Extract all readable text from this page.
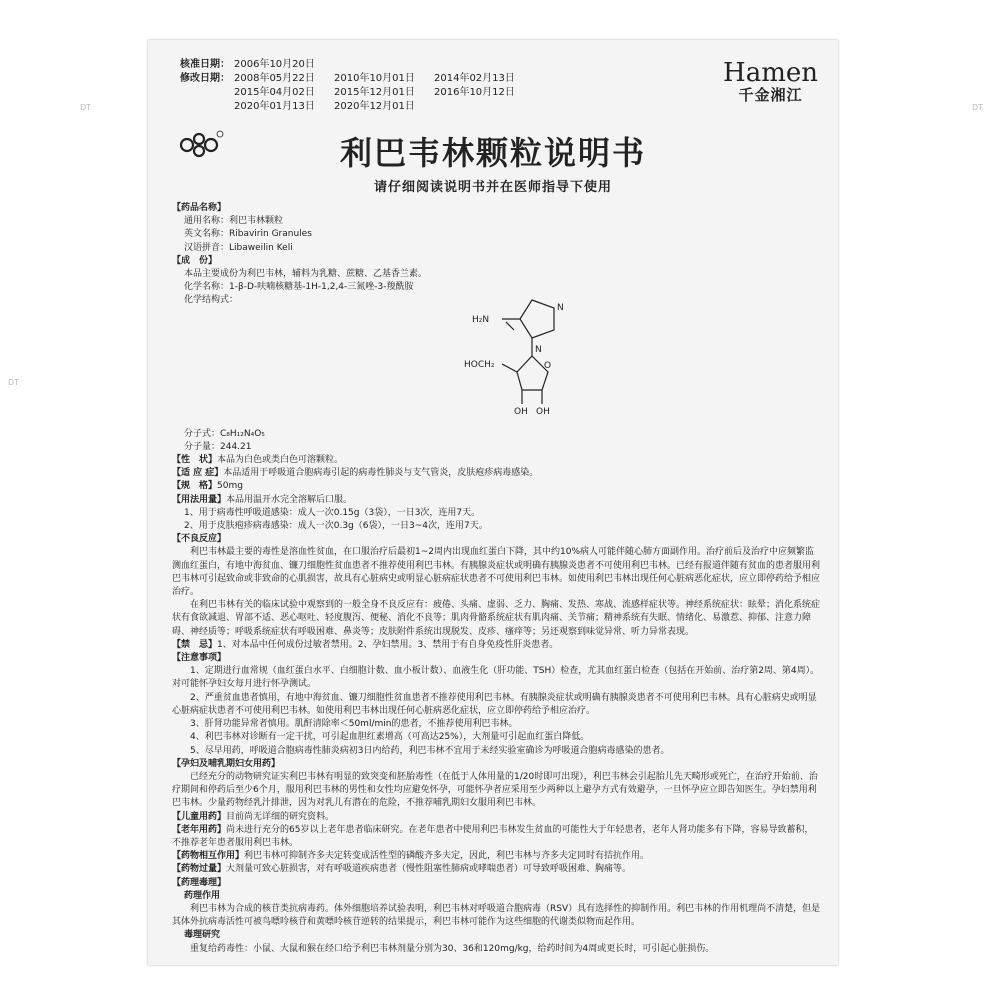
DT
DT
DT
核准日期： 2006年10月20日
修改日期： 2008年05月22日 2010年10月01日 2014年02月13日
2015年04月02日 2015年12月01日 2016年10月12日
2020年01月13日 2020年12月01日
Hamen
千金湘江
利巴韦林颗粒说明书
请仔细阅读说明书并在医师指导下使用
【药品名称】
通用名称：利巴韦林颗粒
英文名称：Ribavirin Granules
汉语拼音：Libaweilin Keli
【成　份】
本品主要成份为利巴韦林，辅料为乳糖、蔗糖、乙基香兰素。
化学名称：1-β-D-呋喃核糖基-1H-1,2,4-三氮唑-3-羧酰胺
化学结构式：
H₂N
N
N
O
HOCH₂
OH OH
分子式：C₈H₁₂N₄O₅
分子量：244.21
【性　状】本品为白色或类白色可溶颗粒。
【适 应 症】本品适用于呼吸道合胞病毒引起的病毒性肺炎与支气管炎，皮肤疱疹病毒感染。
【规　格】50mg
【用法用量】本品用温开水完全溶解后口服。
1、用于病毒性呼吸道感染：成人一次0.15g（3袋），一日3次，连用7天。
2、用于皮肤疱疹病毒感染：成人一次0.3g（6袋），一日3~4次，连用7天。
【不良反应】

利巴韦林最主要的毒性是溶血性贫血，在口服治疗后最初1~2周内出现血红蛋白下降，其中约10%病人可能伴随心肺方面副作用。治疗前后及治疗中应频繁监测血红蛋白，有地中海贫血、镰刀细胞性贫血患者不推荐使用利巴韦林。有胰腺炎症状或明确有胰腺炎患者不可使用利巴韦林。已经有报道伴随有贫血的患者服用利巴韦林可引起致命或非致命的心肌损害，故具有心脏病史或明显心脏病症状患者不可使用利巴韦林。如使用利巴韦林出现任何心脏病恶化症状，应立即停药给予相应治疗。

在利巴韦林有关的临床试验中观察到的一般全身不良反应有：疲倦、头痛、虚弱、乏力、胸痛、发热、寒战、流感样症状等。神经系统症状：眩晕；消化系统症状有食欲减退、胃部不适、恶心呕吐、轻度腹泻、便秘、消化不良等；肌肉骨骼系统症状有肌肉痛、关节痛；精神系统有失眠、情绪化、易激惹、抑郁、注意力障碍、神经质等；呼吸系统症状有呼吸困难、鼻炎等；皮肤附件系统出现脱发、皮疹、瘙痒等；另还观察到味觉异常、听力异常表现。

【禁　忌】1、对本品中任何成份过敏者禁用。2、孕妇禁用。3、禁用于有自身免疫性肝炎患者。
【注意事项】

1、定期进行血常规（血红蛋白水平、白细胞计数、血小板计数）、血液生化（肝功能、TSH）检查，尤其血红蛋白检查（包括在开始前、治疗第2周、第4周）。对可能怀孕妇女每月进行怀孕测试。

2、严重贫血患者慎用，有地中海贫血、镰刀细胞性贫血患者不推荐使用利巴韦林。有胰腺炎症状或明确有胰腺炎患者不可使用利巴韦林。具有心脏病史或明显心脏病症状患者不可使用利巴韦林。如使用利巴韦林出现任何心脏病恶化症状，应立即停药给予相应治疗。

3、肝肾功能异常者慎用。肌酐清除率＜50ml/min的患者，不推荐使用利巴韦林。

4、利巴韦林对诊断有一定干扰，可引起血胆红素增高（可高达25%），大剂量可引起血红蛋白降低。

5、尽早用药，呼吸道合胞病毒性肺炎病初3日内给药，利巴韦林不宜用于未经实验室确诊为呼吸道合胞病毒感染的患者。

【孕妇及哺乳期妇女用药】

已经充分的动物研究证实利巴韦林有明显的致突变和胚胎毒性（在低于人体用量的1/20时即可出现），利巴韦林会引起胎儿先天畸形或死亡，在治疗开始前、治疗期间和停药后至少6个月，服用利巴韦林的男性和女性均应避免怀孕，可能怀孕者应采用至少两种以上避孕方式有效避孕，一旦怀孕应立即告知医生。孕妇禁用利巴韦林。少量药物经乳汁排泄，因为对乳儿有潜在的危险，不推荐哺乳期妇女服用利巴韦林。

【儿童用药】目前尚无详细的研究资料。
【老年用药】尚未进行充分的65岁以上老年患者临床研究。在老年患者中使用利巴韦林发生贫血的可能性大于年轻患者，老年人肾功能多有下降，容易导致蓄积，不推荐老年患者服用利巴韦林。
【药物相互作用】利巴韦林可抑制齐多夫定转变成活性型的磷酸齐多夫定，因此，利巴韦林与齐多夫定同时有拮抗作用。
【药物过量】大剂量可致心脏损害，对有呼吸道疾病患者（慢性阻塞性肺病或哮喘患者）可导致呼吸困难、胸痛等。
【药理毒理】
药理作用

利巴韦林为合成的核苷类抗病毒药。体外细胞培养试验表明，利巴韦林对呼吸道合胞病毒（RSV）具有选择性的抑制作用。利巴韦林的作用机理尚不清楚，但是其体外抗病毒活性可被鸟嘌呤核苷和黄嘌呤核苷逆转的结果提示，利巴韦林可能作为这些细胞的代谢类似物而起作用。

毒理研究

重复给药毒性：小鼠、大鼠和猴在经口给予利巴韦林剂量分别为30、36和120mg/kg，给药时间为4周或更长时，可引起心脏损伤。
